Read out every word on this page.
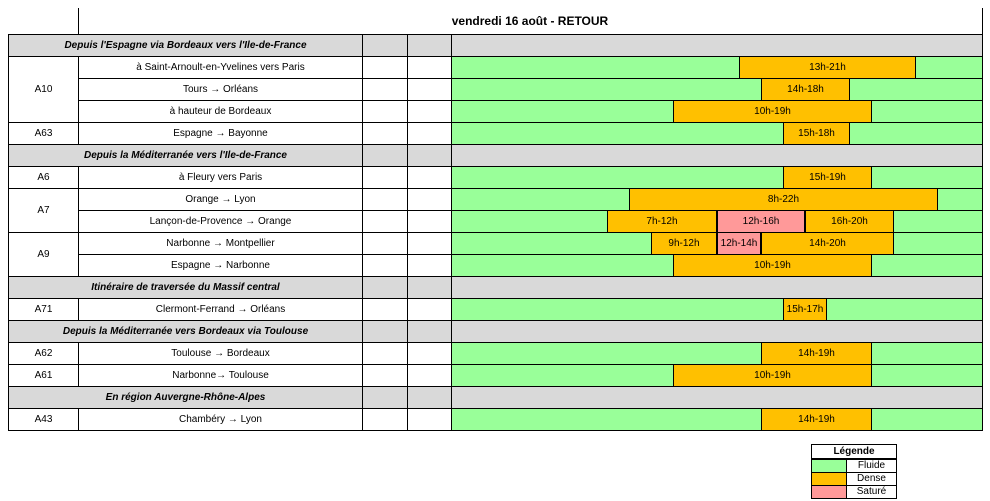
vendredi 16 août - RETOUR
Depuis l'Espagne via Bordeaux vers l'Ile-de-France
A10
à Saint-Arnoult-en-Yvelines vers Paris	13h-21h
Tours → Orléans	14h-18h
à hauteur de Bordeaux	10h-19h
A63	Espagne → Bayonne	15h-18h
Depuis la Méditerranée vers l'Ile-de-France
A6	à Fleury vers Paris	15h-19h
A7
Orange → Lyon	8h-22h
Lançon-de-Provence → Orange	7h-12h	12h-16h	16h-20h
A9
Narbonne → Montpellier	9h-12h	12h-14h	14h-20h
Espagne → Narbonne	10h-19h
Itinéraire de traversée du Massif central
A71	Clermont-Ferrand → Orléans	15h-17h
Depuis la Méditerranée vers Bordeaux via Toulouse
A62	Toulouse → Bordeaux	14h-19h
A61	Narbonne→ Toulouse	10h-19h
En région Auvergne-Rhône-Alpes
A43	Chambéry → Lyon	14h-19h
Légende
Fluide
Dense
Saturé
